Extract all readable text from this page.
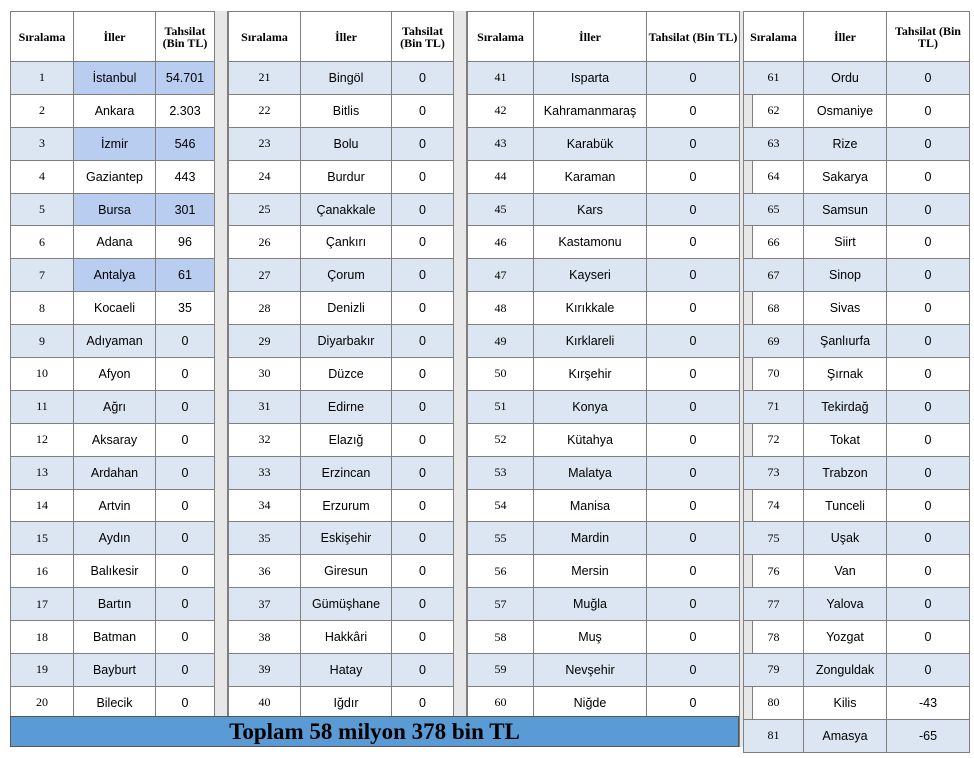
Sıralama	İller	Tahsilat (Bin TL)
1	İstanbul	54.701
2	Ankara	2.303
3	İzmir	546
4	Gaziantep	443
5	Bursa	301
6	Adana	96
7	Antalya	61
8	Kocaeli	35
9	Adıyaman	0
10	Afyon	0
11	Ağrı	0
12	Aksaray	0
13	Ardahan	0
14	Artvin	0
15	Aydın	0
16	Balıkesir	0
17	Bartın	0
18	Batman	0
19	Bayburt	0
20	Bilecik	0
Sıralama	İller	Tahsilat (Bin TL)
21	Bingöl	0
22	Bitlis	0
23	Bolu	0
24	Burdur	0
25	Çanakkale	0
26	Çankırı	0
27	Çorum	0
28	Denizli	0
29	Diyarbakır	0
30	Düzce	0
31	Edirne	0
32	Elazığ	0
33	Erzincan	0
34	Erzurum	0
35	Eskişehir	0
36	Giresun	0
37	Gümüşhane	0
38	Hakkâri	0
39	Hatay	0
40	Iğdır	0
Sıralama	İller	Tahsilat (Bin TL)
41	Isparta	0
42	Kahramanmaraş	0
43	Karabük	0
44	Karaman	0
45	Kars	0
46	Kastamonu	0
47	Kayseri	0
48	Kırıkkale	0
49	Kırklareli	0
50	Kırşehir	0
51	Konya	0
52	Kütahya	0
53	Malatya	0
54	Manisa	0
55	Mardin	0
56	Mersin	0
57	Muğla	0
58	Muş	0
59	Nevşehir	0
60	Niğde	0
Sıralama	İller	Tahsilat (Bin TL)
61	Ordu	0
62	Osmaniye	0
63	Rize	0
64	Sakarya	0
65	Samsun	0
66	Siirt	0
67	Sinop	0
68	Sivas	0
69	Şanlıurfa	0
70	Şırnak	0
71	Tekirdağ	0
72	Tokat	0
73	Trabzon	0
74	Tunceli	0
75	Uşak	0
76	Van	0
77	Yalova	0
78	Yozgat	0
79	Zonguldak	0
80	Kilis	-43
81	Amasya	-65
Toplam 58 milyon 378 bin TL
